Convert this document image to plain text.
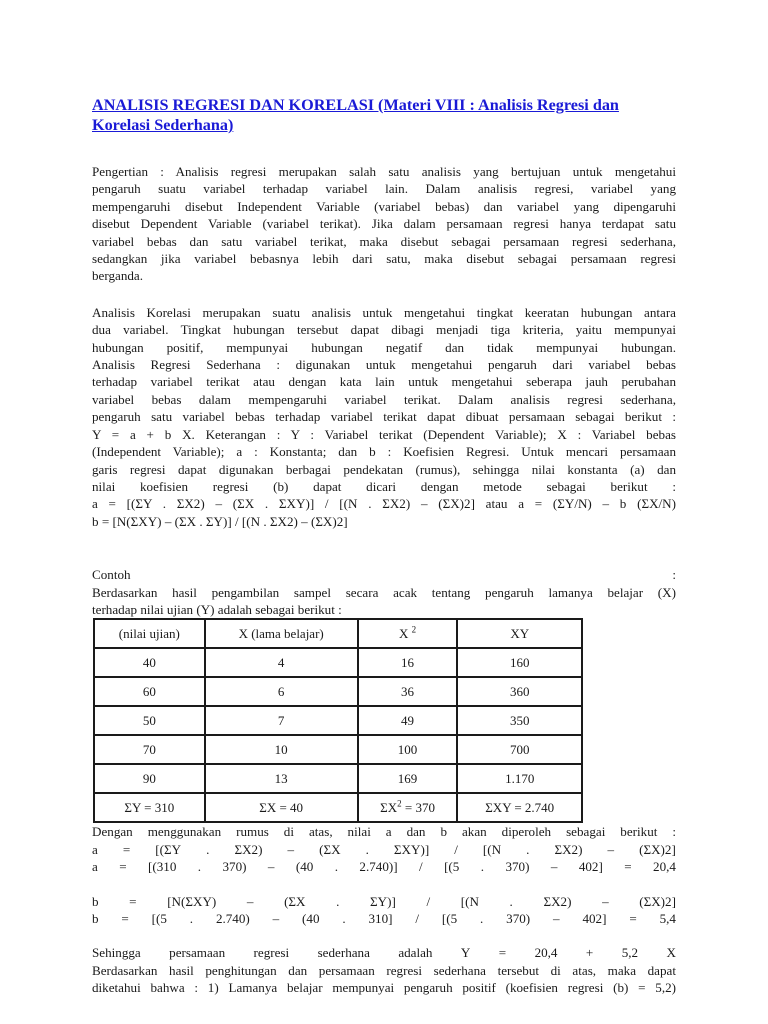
ANALISIS REGRESI DAN KORELASI (Materi VIII : Analisis Regresi dan
Korelasi Sederhana)
Pengertian : Analisis regresi merupakan salah satu analisis yang bertujuan untuk mengetahui
pengaruh suatu variabel terhadap variabel lain. Dalam analisis regresi, variabel yang
mempengaruhi disebut Independent Variable (variabel bebas) dan variabel yang dipengaruhi
disebut Dependent Variable (variabel terikat). Jika dalam persamaan regresi hanya terdapat satu
variabel bebas dan satu variabel terikat, maka disebut sebagai persamaan regresi sederhana,
sedangkan jika variabel bebasnya lebih dari satu, maka disebut sebagai persamaan regresi
berganda.
Analisis Korelasi merupakan suatu analisis untuk mengetahui tingkat keeratan hubungan antara
dua variabel. Tingkat hubungan tersebut dapat dibagi menjadi tiga kriteria, yaitu mempunyai
hubungan positif, mempunyai hubungan negatif dan tidak mempunyai hubungan.
Analisis Regresi Sederhana : digunakan untuk mengetahui pengaruh dari variabel bebas
terhadap variabel terikat atau dengan kata lain untuk mengetahui seberapa jauh perubahan
variabel bebas dalam mempengaruhi variabel terikat. Dalam analisis regresi sederhana,
pengaruh satu variabel bebas terhadap variabel terikat dapat dibuat persamaan sebagai berikut :
Y = a + b X. Keterangan : Y : Variabel terikat (Dependent Variable); X : Variabel bebas
(Independent Variable); a : Konstanta; dan b : Koefisien Regresi. Untuk mencari persamaan
garis regresi dapat digunakan berbagai pendekatan (rumus), sehingga nilai konstanta (a) dan
nilai koefisien regresi (b) dapat dicari dengan metode sebagai berikut :
a = [(ΣY . ΣX2) – (ΣX . ΣXY)] / [(N . ΣX2) – (ΣX)2] atau a = (ΣY/N) – b (ΣX/N)
b = [N(ΣXY) – (ΣX . ΣY)] / [(N . ΣX2) – (ΣX)2]
Contoh	:
Berdasarkan hasil pengambilan sampel secara acak tentang pengaruh lamanya belajar (X)
terhadap nilai ujian (Y) adalah sebagai berikut :
(nilai ujian)	X (lama belajar)	X $^2$	XY
40	4	16	160
60	6	36	360
50	7	49	350
70	10	100	700
90	13	169	1.170
ΣY = 310	ΣX = 40	$\Sigma X^2 = 370$	ΣXY = 2.740
Dengan menggunakan rumus di atas, nilai a dan b akan diperoleh sebagai berikut :
a = [(ΣY . ΣX2) – (ΣX . ΣXY)] / [(N . ΣX2) – (ΣX)2]
a = [(310 . 370) – (40 . 2.740)] / [(5 . 370) – 402] = 20,4
b = [N(ΣXY) – (ΣX . ΣY)] / [(N . ΣX2) – (ΣX)2]
b = [(5 . 2.740) – (40 . 310] / [(5 . 370) – 402] = 5,4
Sehingga persamaan regresi sederhana adalah Y = 20,4 + 5,2 X
Berdasarkan hasil penghitungan dan persamaan regresi sederhana tersebut di atas, maka dapat
diketahui bahwa : 1) Lamanya belajar mempunyai pengaruh positif (koefisien regresi (b) = 5,2)
